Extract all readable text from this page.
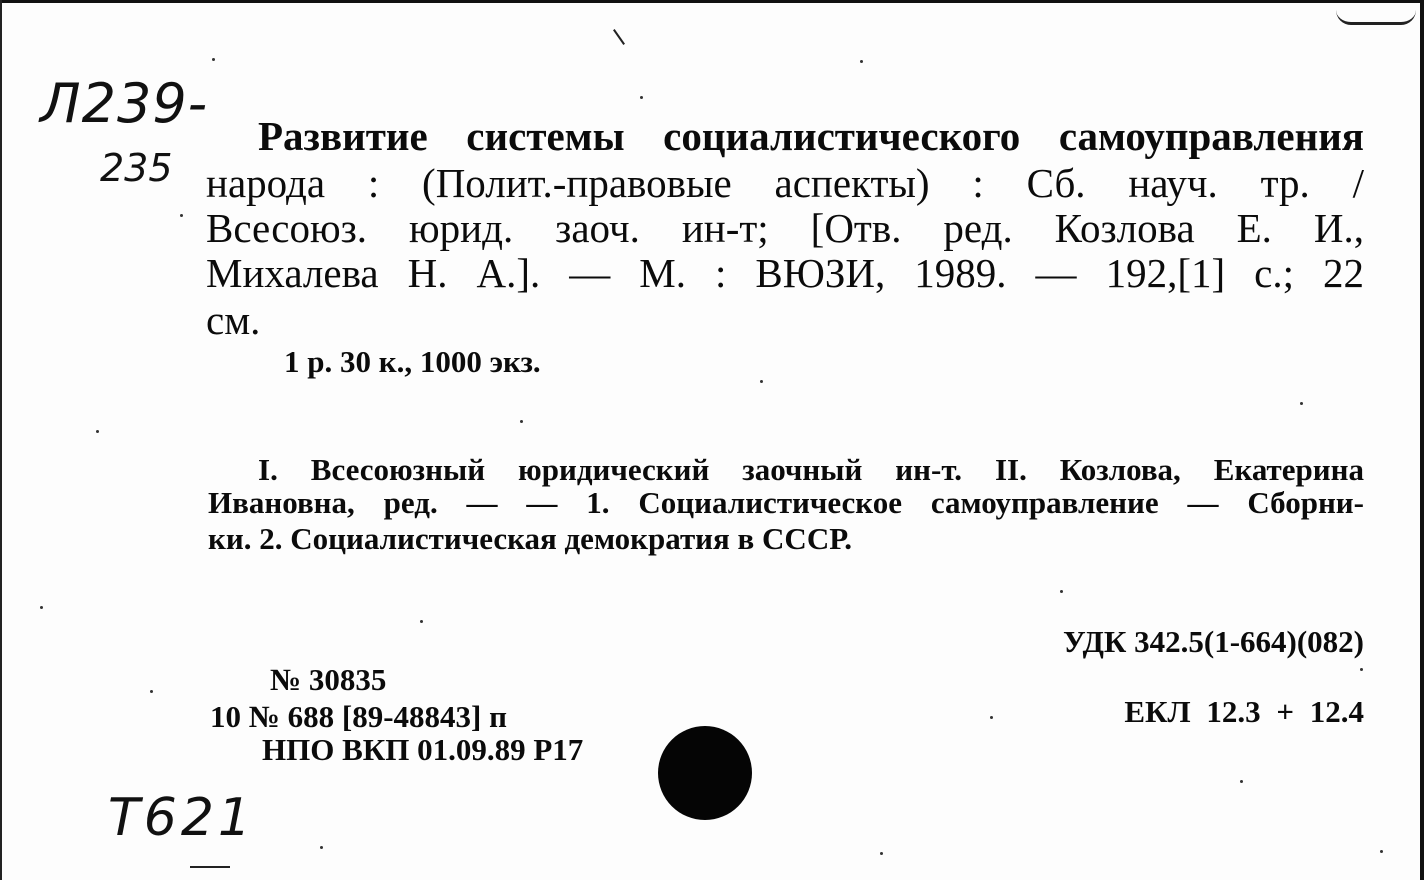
Л239-
235
T621
Развитие системы социалистического самоуправления
народа : (Полит.-правовые аспекты) : Сб. науч. тр. /
Всесоюз. юрид. заоч. ин-т; [Отв. ред. Козлова Е. И.,
Михалева Н. А.]. — М. : ВЮЗИ, 1989. — 192,[1] с.; 22
см.
1 р. 30 к., 1000 экз.
I. Всесоюзный юридический заочный ин-т. II. Козлова, Екатерина
Ивановна, ред. — — 1. Социалистическое самоуправление — Сборни-
ки. 2. Социалистическая демократия в СССР.
УДК 342.5(1-664)(082)
ЕКЛ 12.3 + 12.4
№ 30835
10 № 688 [89-48843] п
НПО ВКП 01.09.89 Р17
